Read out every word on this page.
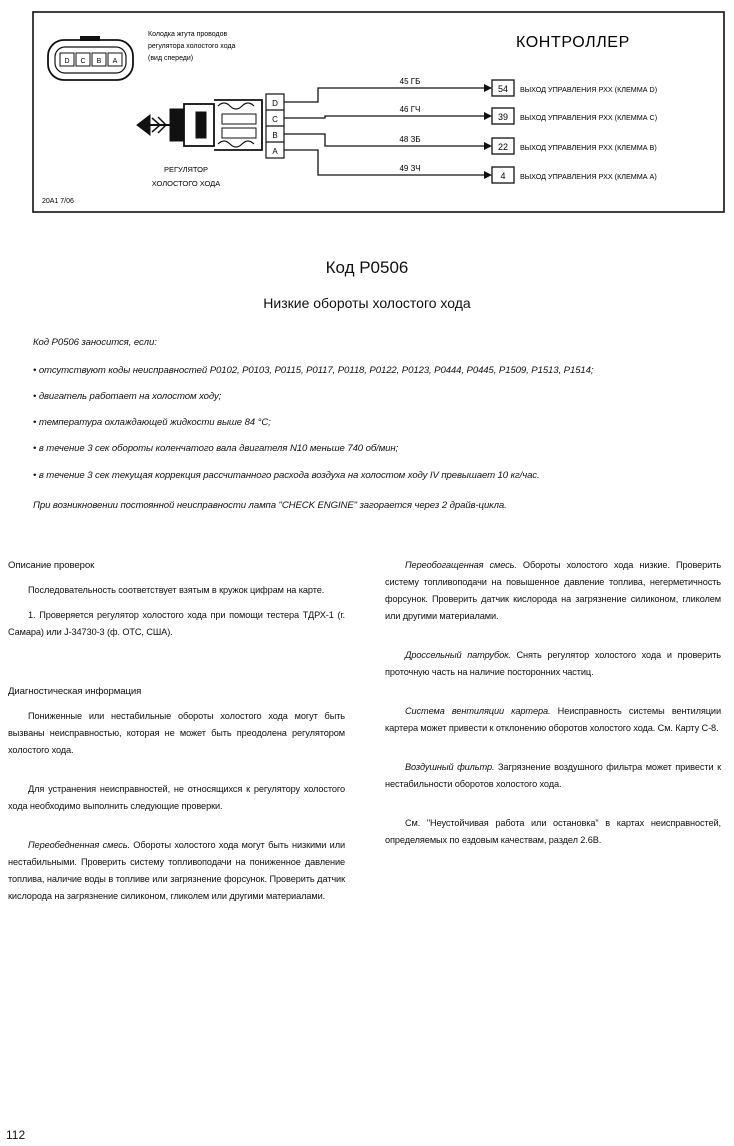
D C B A
Колодка жгута проводов
регулятора холостого хода
(вид спереди)
КОНТРОЛЛЕР
РЕГУЛЯТОР
ХОЛОСТОГО ХОДА
20A1 7/06
D
C
B
A
45 ГБ
46 ГЧ
48 ЗБ
49 ЗЧ
54
39
22
4
ВЫХОД УПРАВЛЕНИЯ РХХ (КЛЕММА D)
ВЫХОД УПРАВЛЕНИЯ РХХ (КЛЕММА C)
ВЫХОД УПРАВЛЕНИЯ РХХ (КЛЕММА B)
ВЫХОД УПРАВЛЕНИЯ РХХ (КЛЕММА A)
Код P0506
Низкие обороты холостого хода
Код P0506 заносится, если:
• отсутствуют коды неисправностей P0102, P0103, P0115, P0117, P0118, P0122, P0123, P0444, P0445, P1509, P1513, P1514;
• двигатель работает на холостом ходу;
• температура охлаждающей жидкости выше 84 °C;
• в течение 3 сек обороты коленчатого вала двигателя N10 меньше 740 об/мин;
• в течение 3 сек текущая коррекция рассчитанного расхода воздуха на холостом ходу IV превышает 10 кг/час.
При возникновении постоянной неисправности лампа "CHECK ENGINE" загорается через 2 драйв-цикла.

Описание проверок

Последовательность соответствует взятым в кружок цифрам на карте.

1. Проверяется регулятор холостого хода при помощи тестера ТДРХ-1 (г. Самара) или J-34730-3 (ф. OTC, США).

Диагностическая информация

Пониженные или нестабильные обороты холостого хода могут быть вызваны неисправностью, которая не может быть преодолена регулятором холостого хода.

Для устранения неисправностей, не относящихся к регулятору холостого хода необходимо выполнить следующие проверки.

Переобедненная смесь. Обороты холостого хода могут быть низкими или нестабильными. Проверить систему топливоподачи на пониженное давление топлива, наличие воды в топливе или загрязнение форсунок. Проверить датчик кислорода на загрязнение силиконом, гликолем или другими материалами.

Переобогащенная смесь. Обороты холостого хода низкие. Проверить систему топливоподачи на повышенное давление топлива, негерметичность форсунок. Проверить датчик кислорода на загрязнение силиконом, гликолем или другими материалами.

Дроссельный патрубок. Снять регулятор холостого хода и проверить проточную часть на наличие посторонних частиц.

Система вентиляции картера. Неисправность системы вентиляции картера может привести к отклонению оборотов холостого хода. См. Карту С-8.

Воздушный фильтр. Загрязнение воздушного фильтра может привести к нестабильности оборотов холостого хода.

См. "Неустойчивая работа или остановка" в картах неисправностей, определяемых по ездовым качествам, раздел 2.6В.

112
